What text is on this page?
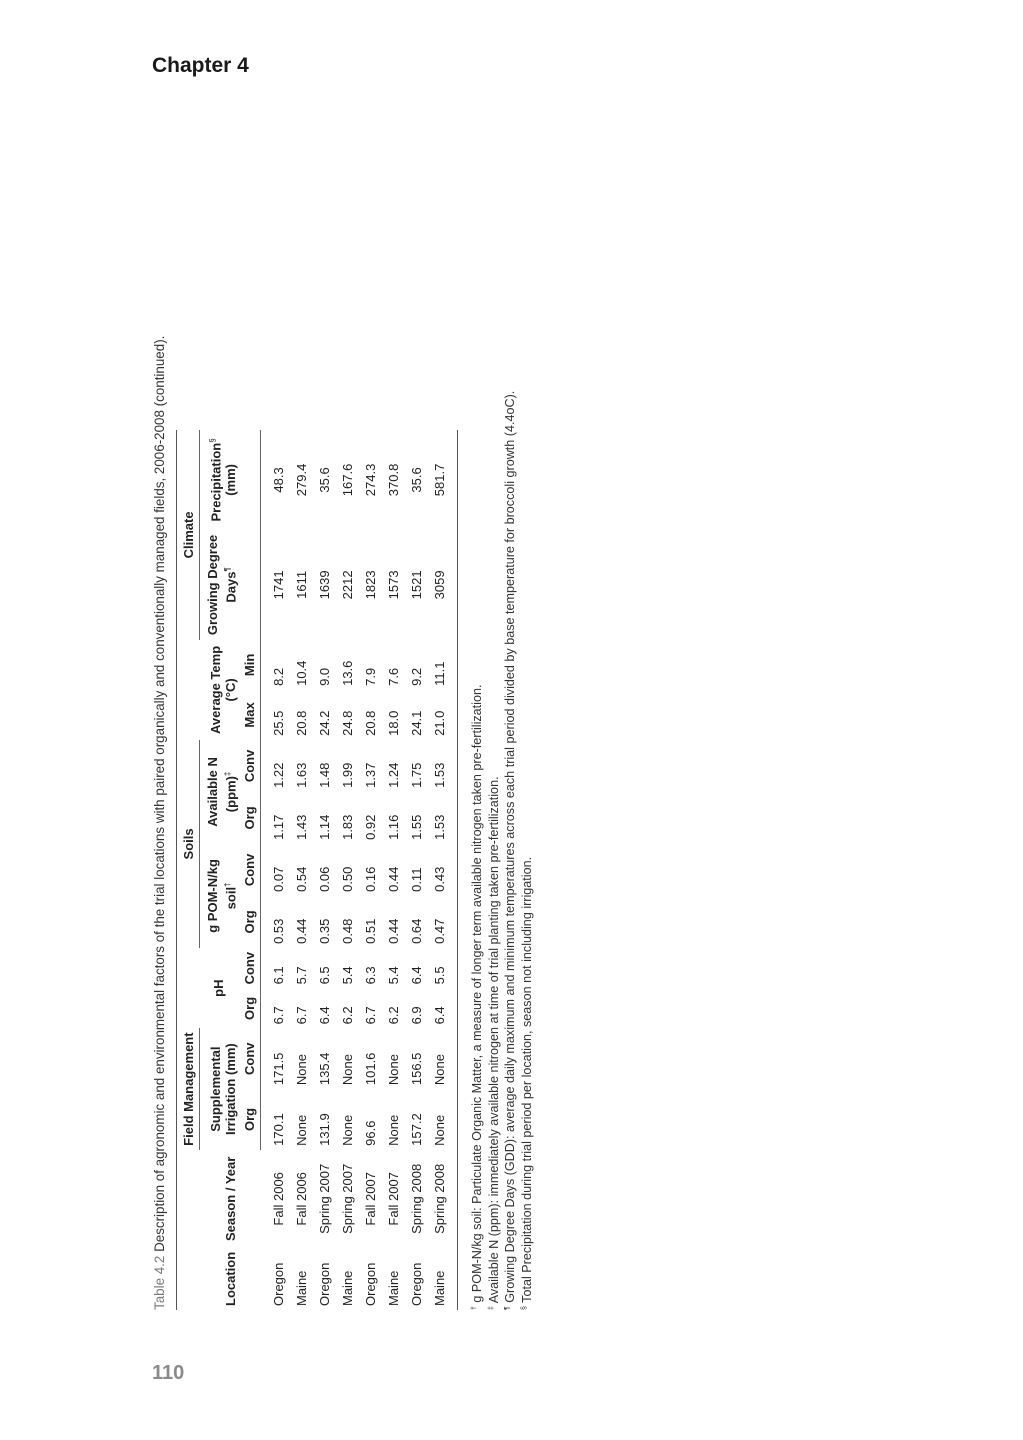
Chapter 4
110
Table 4.2 Description of agronomic and environmental factors of the trial locations with paired organically and conventionally managed fields, 2006-2008 (continued).
		Field Management				Soils						Climate	
Location	Season / Year	Supplemental Irrigation (mm)		pH		g POM-N/kg soil†		Available N (ppm)‡		Average Temp (°C)		Growing Degree Days¶	Precipitation§
(mm)
		Org	Conv	Org	Conv	Org	Conv	Org	Conv	Max	Min		
Oregon	Fall 2006	170.1	171.5	6.7	6.1	0.53	0.07	1.17	1.22	25.5	8.2	1741	48.3
Maine	Fall 2006	None	None	6.7	5.7	0.44	0.54	1.43	1.63	20.8	10.4	1611	279.4
Oregon	Spring 2007	131.9	135.4	6.4	6.5	0.35	0.06	1.14	1.48	24.2	9.0	1639	35.6
Maine	Spring 2007	None	None	6.2	5.4	0.48	0.50	1.83	1.99	24.8	13.6	2212	167.6
Oregon	Fall 2007	96.6	101.6	6.7	6.3	0.51	0.16	0.92	1.37	20.8	7.9	1823	274.3
Maine	Fall 2007	None	None	6.2	5.4	0.44	0.44	1.16	1.24	18.0	7.6	1573	370.8
Oregon	Spring 2008	157.2	156.5	6.9	6.4	0.64	0.11	1.55	1.75	24.1	9.2	1521	35.6
Maine	Spring 2008	None	None	6.4	5.5	0.47	0.43	1.53	1.53	21.0	11.1	3059	581.7
† g POM-N/kg soil: Particulate Organic Matter, a measure of longer term available nitrogen taken pre-fertilization.
‡ Available N (ppm): immediately available nitrogen at time of trial planting taken pre-fertilization.
¶ Growing Degree Days (GDD): average daily maximum and minimum temperatures across each trial period divided by base temperature for broccoli growth (4.4oC).
§ Total Precipitation during trial period per location, season not including irrigation.
